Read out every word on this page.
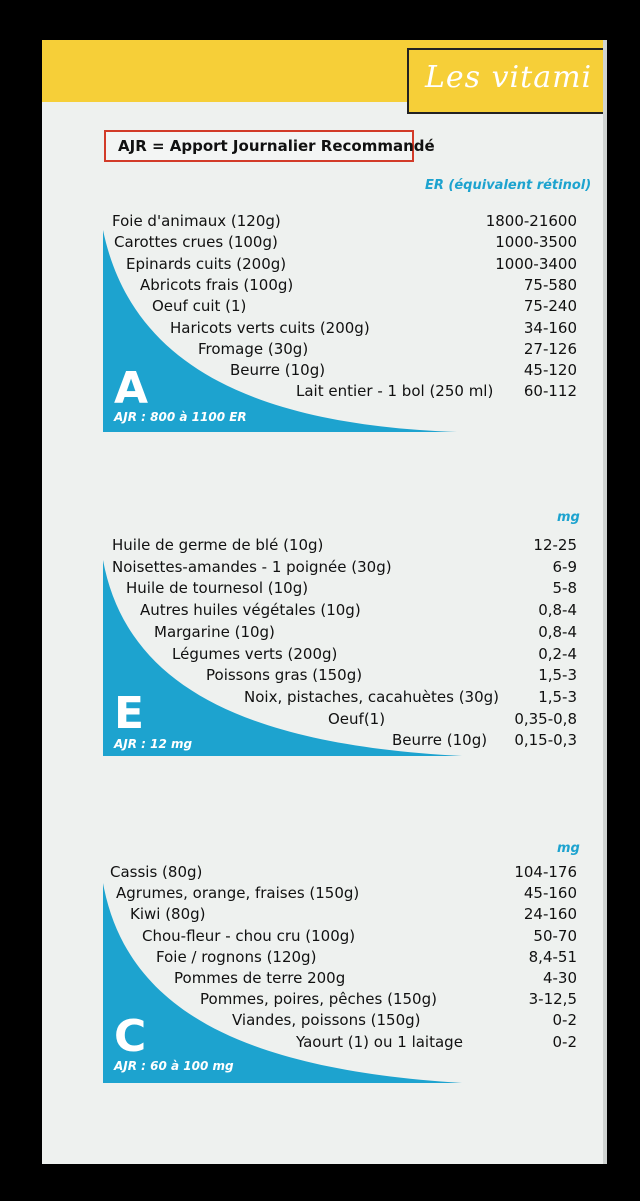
Les vitami
AJR = Apport Journalier Recommandé
ER (équivalent rétinol)
Foie d'animaux (120g)	1800-21600
Carottes crues (100g)	1000-3500
Epinards cuits (200g)	1000-3400
Abricots frais (100g)	75-580
Oeuf cuit (1)	75-240
Haricots verts cuits (200g)	34-160
Fromage (30g)	27-126
Beurre (10g)	45-120
Lait entier - 1 bol (250 ml)	60-112
A
AJR : 800 à 1100 ER
mg
Huile de germe de blé (10g)	12-25
Noisettes-amandes - 1 poignée (30g)	6-9
Huile de tournesol (10g)	5-8
Autres huiles végétales (10g)	0,8-4
Margarine (10g)	0,8-4
Légumes verts (200g)	0,2-4
Poissons gras (150g)	1,5-3
Noix, pistaches, cacahuètes (30g)	1,5-3
Oeuf(1)	0,35-0,8
Beurre (10g)	0,15-0,3
E
AJR : 12 mg
mg
Cassis (80g)	104-176
Agrumes, orange, fraises (150g)	45-160
Kiwi (80g)	24-160
Chou-fleur - chou cru (100g)	50-70
Foie / rognons (120g)	8,4-51
Pommes de terre 200g	4-30
Pommes, poires, pêches (150g)	3-12,5
Viandes, poissons (150g)	0-2
Yaourt (1) ou 1 laitage	0-2
C
AJR : 60 à 100 mg
